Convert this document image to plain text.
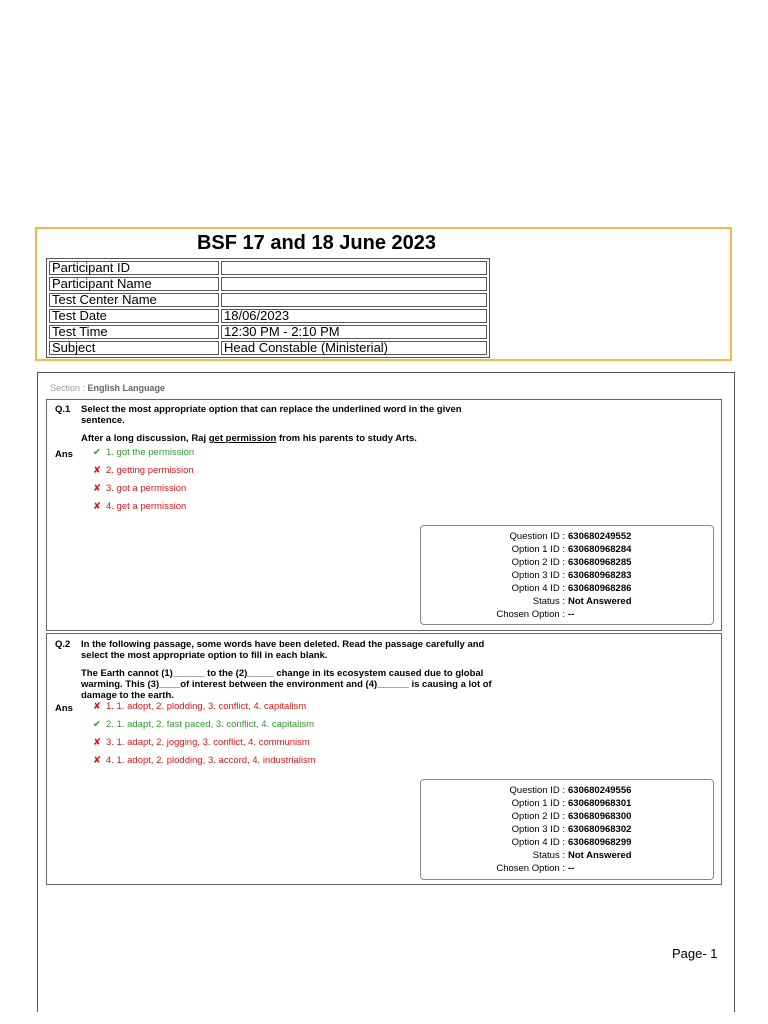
BSF 17 and 18 June 2023
Participant ID	
Participant Name	
Test Center Name	
Test Date	18/06/2023
Test Time	12:30 PM - 2:10 PM
Subject	Head Constable (Ministerial)
Section : English Language
Q.1 Select the most appropriate option that can replace the underlined word in the given
sentence.
After a long discussion, Raj get permission from his parents to study Arts.
Ans	✔ 1. got the permission
✘ 2. getting permission
✘ 3. got a permission
✘ 4. get a permission
Question ID : 630680249552
Option 1 ID : 630680968284
Option 2 ID : 630680968285
Option 3 ID : 630680968283
Option 4 ID : 630680968286
Status : Not Answered
Chosen Option : --
Q.2 In the following passage, some words have been deleted. Read the passage carefully and
select the most appropriate option to fill in each blank.
The Earth cannot (1)______ to the (2)_____ change in its ecosystem caused due to global
warming. This (3)____of interest between the environment and (4)______ is causing a lot of
damage to the earth.
Ans	✘ 1. 1. adopt, 2. plodding, 3. conflict, 4. capitalism
✔ 2. 1. adapt, 2. fast paced, 3. conflict, 4. capitalism
✘ 3. 1. adapt, 2. jogging, 3. conflict, 4. communism
✘ 4. 1. adopt, 2. plodding, 3. accord, 4. industrialism
Question ID : 630680249556
Option 1 ID : 630680968301
Option 2 ID : 630680968300
Option 3 ID : 630680968302
Option 4 ID : 630680968299
Status : Not Answered
Chosen Option : --
Page- 1
